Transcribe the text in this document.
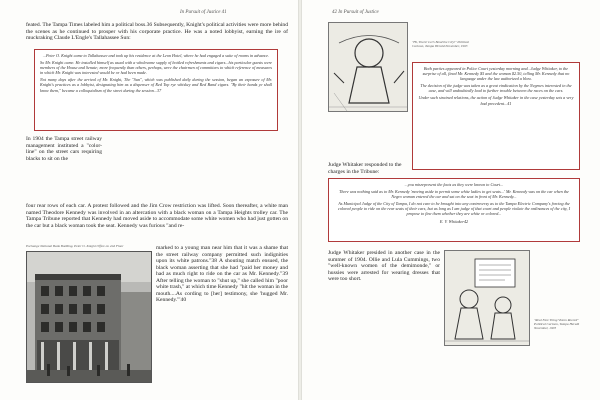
In Pursuit of Justice 41
feated. The Tampa Times labeled him a political boss.36 Subsequently, Knight's political activities were more behind the scenes as he continued to prosper with his corporate practice. He was a noted lobbyist, earning the ire of muckraking Claude L'Engle's Tallahassee Sun:

...Peter O. Knight came to Tallahassee and took up his residence at the Leon Hotel, where he had engaged a suite of rooms in advance.

So Mr. Knight came. He installed himself as usual with a wholesome supply of bottled refreshments and cigars...his particular guests were members of the House and Senate; more frequently than others, perhaps, were the chairmen of committees to which reference of measures in which Mr. Knight was interested would be or had been made.

Not many days after the arrival of Mr. Knight, The "Sun", which was published daily during the session, began an exposure of Mr. Knight's practices as a lobbyist, designating him as a dispenser of Red Top rye whiskey and Red Band cigars. "By their hands ye shall know them," became a colloquialism of the street during the session...37

In 1904 the Tampa street railway management instituted a "color-line" on the street cars requiring blacks to sit on the
four rear rows of each car. A protest followed and the Jim Crow restriction was lifted. Soon thereafter, a white man named Theodore Kennedy was involved in an altercation with a black woman on a Tampa Heights trolley car. The Tampa Tribune reported that Kennedy had moved aside to accommodate some white women who had just gotten on the car but a black woman took the seat. Kennedy was furious "and re-
Exchange National Bank Building, Peter O. Knight Office on 2nd Floor	marked to a young man near him that it was a shame that the street railway company permitted such indignities upon its white patrons."38 A shouting match ensued, the black woman asserting that she had "paid her money and had as much right to ride on the car as Mr. Kennedy."39 After telling the woman to "shut up," she called him "poor white trash," at which time Kennedy "hit the woman in the mouth....As cording to [her] testimony, she 'hugged Mr. Kennedy.'"40
42 In Pursuit of Justice
"Hi, There! Let's Bend the City!" Political Cartoon, Tampa Herald November, 1903

Both parties appeared in Police Court yesterday morning and...Judge Whitaker, to the surprise of all, fined Mr. Kennedy $5 and the woman $2.50, telling Mr. Kennedy that no language under the law authorized a blow.

The decision of the judge was taken as a great vindication by the Negroes interested in the case, and will undoubtedly lead to further trouble between the races on the cars.

Under such strained relations, the action of Judge Whitaker in the case yesterday sets a very bad precedent...41

Judge Whitaker responded to the charges in the Tribune:

...you misrepresent the facts as they were known to Court...

There was nothing said as to Mr. Kennedy 'moving aside to permit some white ladies to get seats...' Mr. Kennedy was on the car when the Negro woman entered the car and sat on the seat in front of Mr. Kennedy...

As Municipal Judge of the City of Tampa, I do not care to be brought into any controversy as to the Tampa Electric Company's forcing the colored people to ride on the rear seats of their cars, but as long as I am judge of that court and people violate the ordinances of the city, I propose to fine them whether they are white or colored...

E. V. Whitaker42

Judge Whitaker presided in another case in the summer of 1904. Ollie and Lula Cummings, two "well-known women of the demimonde," or hussies were arrested for wearing dresses that were too short.
"Real Nice Thing Vision Record" Political Cartoon, Tampa Herald November, 1903
